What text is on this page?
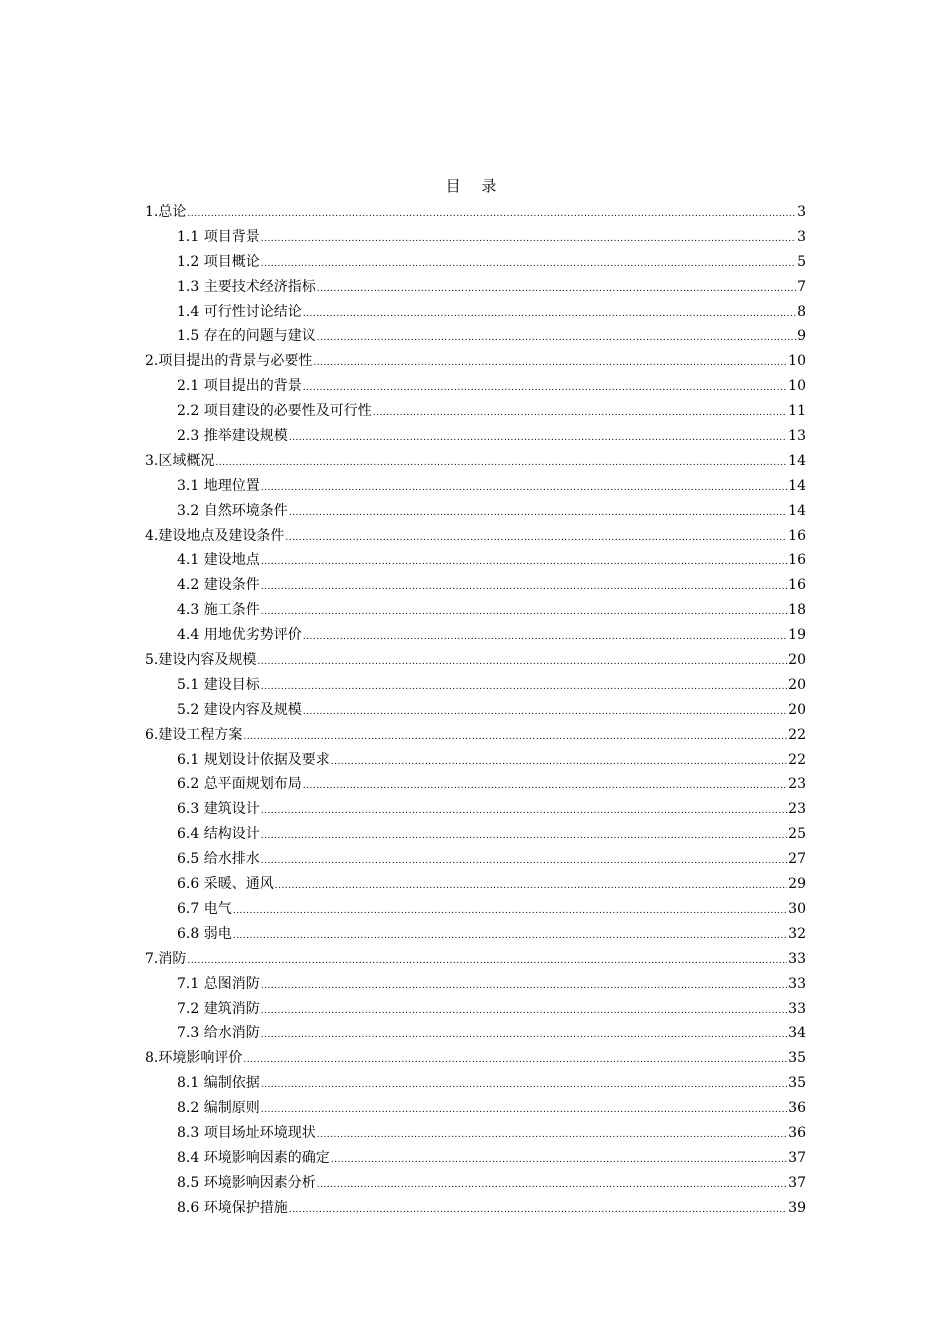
目 录
1.总论 .....	3
1.1 项目背景 .....	3
1.2 项目概论 .....	5
1.3 主要技术经济指标 .....	7
1.4 可行性讨论结论 .....	8
1.5 存在的问题与建议 .....	9
2.项目提出的背景与必要性 .....	10
2.1 项目提出的背景 .....	10
2.2 项目建设的必要性及可行性 .....	11
2.3 推举建设规模 .....	13
3.区域概况 .....	14
3.1 地理位置 .....	14
3.2 自然环境条件 .....	14
4.建设地点及建设条件 .....	16
4.1 建设地点 .....	16
4.2 建设条件 .....	16
4.3 施工条件 .....	18
4.4 用地优劣势评价 .....	19
5.建设内容及规模 .....	20
5.1 建设目标 .....	20
5.2 建设内容及规模 .....	20
6.建设工程方案 .....	22
6.1 规划设计依据及要求 .....	22
6.2 总平面规划布局 .....	23
6.3 建筑设计 .....	23
6.4 结构设计 .....	25
6.5 给水排水 .....	27
6.6 采暖、通风 .....	29
6.7 电气 .....	30
6.8 弱电 .....	32
7.消防 .....	33
7.1 总图消防 .....	33
7.2 建筑消防 .....	33
7.3 给水消防 .....	34
8.环境影响评价 .....	35
8.1 编制依据 .....	35
8.2 编制原则 .....	36
8.3 项目场址环境现状 .....	36
8.4 环境影响因素的确定 .....	37
8.5 环境影响因素分析 .....	37
8.6 环境保护措施 .....	39
